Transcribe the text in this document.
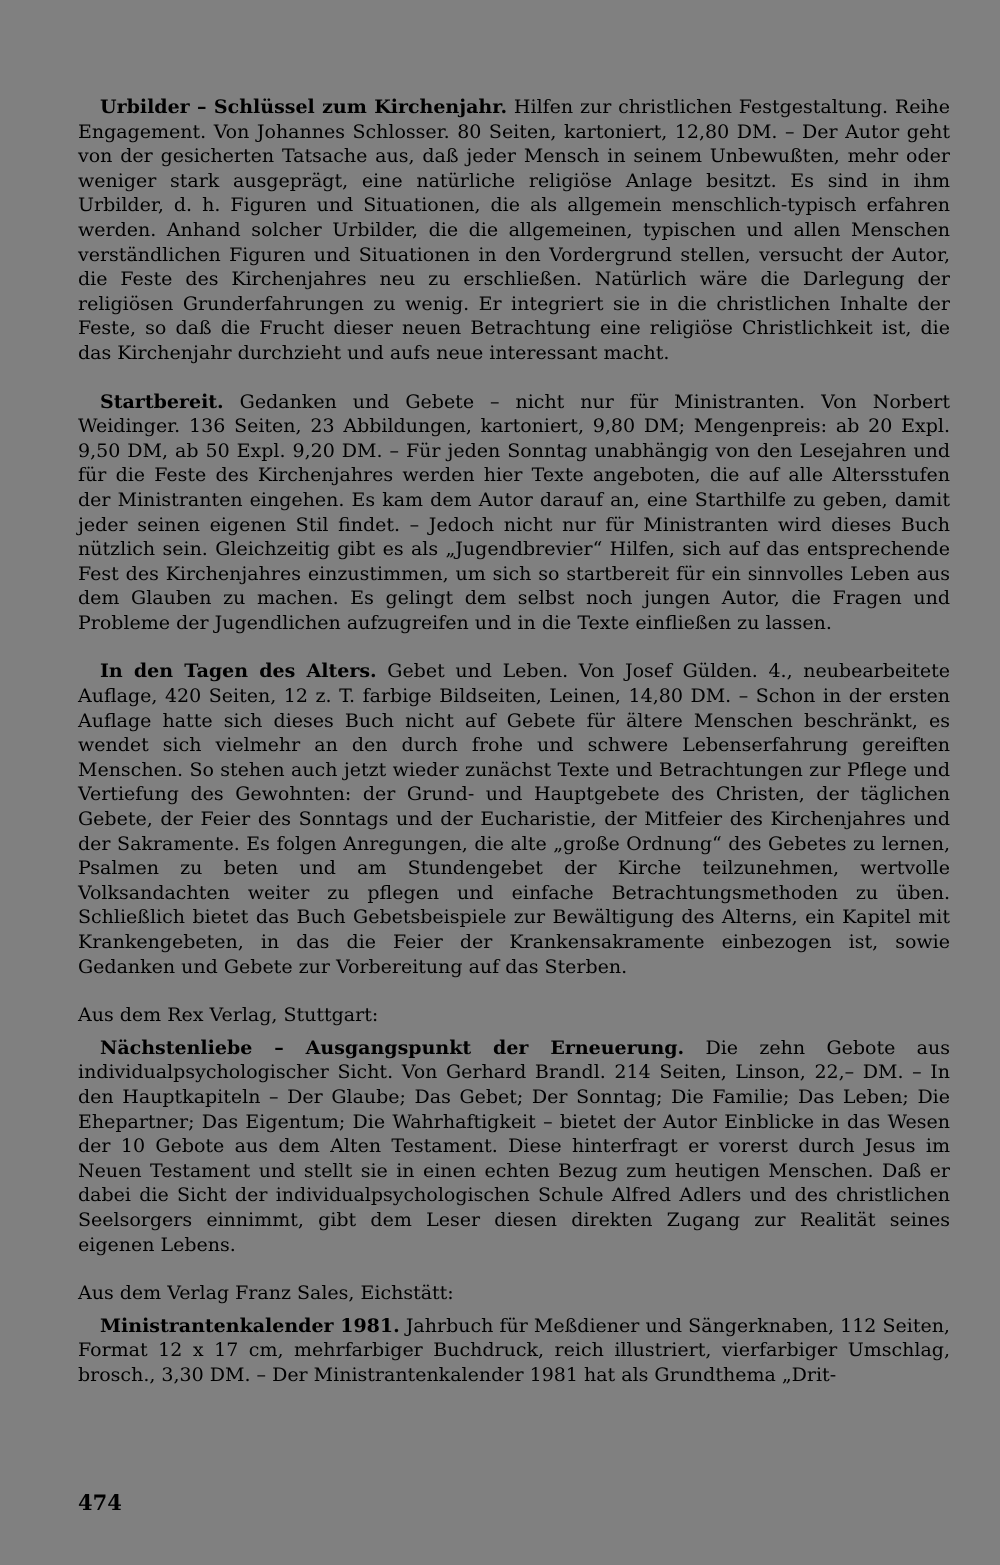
Urbilder – Schlüssel zum Kirchenjahr. Hilfen zur christlichen Festgestaltung. Reihe Engagement. Von Johannes Schlosser. 80 Seiten, kartoniert, 12,80 DM. – Der Autor geht von der gesicherten Tatsache aus, daß jeder Mensch in seinem Unbewußten, mehr oder weniger stark ausgeprägt, eine natürliche religiöse Anlage besitzt. Es sind in ihm Urbilder, d. h. Figuren und Situationen, die als allgemein menschlich-typisch erfahren werden. Anhand solcher Urbilder, die die allgemeinen, typischen und allen Menschen verständlichen Figuren und Situationen in den Vordergrund stellen, versucht der Autor, die Feste des Kirchenjahres neu zu erschließen. Natürlich wäre die Darlegung der religiösen Grunderfahrungen zu wenig. Er integriert sie in die christlichen Inhalte der Feste, so daß die Frucht dieser neuen Betrachtung eine religiöse Christlichkeit ist, die das Kirchenjahr durchzieht und aufs neue interessant macht.

Startbereit. Gedanken und Gebete – nicht nur für Ministranten. Von Norbert Weidinger. 136 Seiten, 23 Abbildungen, kartoniert, 9,80 DM; Mengenpreis: ab 20 Expl. 9,50 DM, ab 50 Expl. 9,20 DM. – Für jeden Sonntag unabhängig von den Lesejahren und für die Feste des Kirchenjahres werden hier Texte angeboten, die auf alle Altersstufen der Ministranten eingehen. Es kam dem Autor darauf an, eine Starthilfe zu geben, damit jeder seinen eigenen Stil findet. – Jedoch nicht nur für Ministranten wird dieses Buch nützlich sein. Gleichzeitig gibt es als „Jugendbrevier“ Hilfen, sich auf das entsprechende Fest des Kirchenjahres einzustimmen, um sich so startbereit für ein sinnvolles Leben aus dem Glauben zu machen. Es gelingt dem selbst noch jungen Autor, die Fragen und Probleme der Jugendlichen aufzugreifen und in die Texte einfließen zu lassen.

In den Tagen des Alters. Gebet und Leben. Von Josef Gülden. 4., neubearbeitete Auflage, 420 Seiten, 12 z. T. farbige Bildseiten, Leinen, 14,80 DM. – Schon in der ersten Auflage hatte sich dieses Buch nicht auf Gebete für ältere Menschen beschränkt, es wendet sich vielmehr an den durch frohe und schwere Lebenserfahrung gereiften Menschen. So stehen auch jetzt wieder zunächst Texte und Betrachtungen zur Pflege und Vertiefung des Gewohnten: der Grund- und Hauptgebete des Christen, der täglichen Gebete, der Feier des Sonntags und der Eucharistie, der Mitfeier des Kirchenjahres und der Sakramente. Es folgen Anregungen, die alte „große Ordnung“ des Gebetes zu lernen, Psalmen zu beten und am Stundengebet der Kirche teilzunehmen, wertvolle Volksandachten weiter zu pflegen und einfache Betrachtungsmethoden zu üben. Schließlich bietet das Buch Gebetsbeispiele zur Bewältigung des Alterns, ein Kapitel mit Krankengebeten, in das die Feier der Krankensakramente einbezogen ist, sowie Gedanken und Gebete zur Vorbereitung auf das Sterben.

Aus dem Rex Verlag, Stuttgart:

Nächstenliebe – Ausgangspunkt der Erneuerung. Die zehn Gebote aus individualpsychologischer Sicht. Von Gerhard Brandl. 214 Seiten, Linson, 22,– DM. – In den Hauptkapiteln – Der Glaube; Das Gebet; Der Sonntag; Die Familie; Das Leben; Die Ehepartner; Das Eigentum; Die Wahrhaftigkeit – bietet der Autor Einblicke in das Wesen der 10 Gebote aus dem Alten Testament. Diese hinterfragt er vorerst durch Jesus im Neuen Testament und stellt sie in einen echten Bezug zum heutigen Menschen. Daß er dabei die Sicht der individualpsychologischen Schule Alfred Adlers und des christlichen Seelsorgers einnimmt, gibt dem Leser diesen direkten Zugang zur Realität seines eigenen Lebens.

Aus dem Verlag Franz Sales, Eichstätt:

Ministrantenkalender 1981. Jahrbuch für Meßdiener und Sängerknaben, 112 Seiten, Format 12 x 17 cm, mehrfarbiger Buchdruck, reich illustriert, vierfarbiger Umschlag, brosch., 3,30 DM. – Der Ministrantenkalender 1981 hat als Grundthema „Drit-

474
